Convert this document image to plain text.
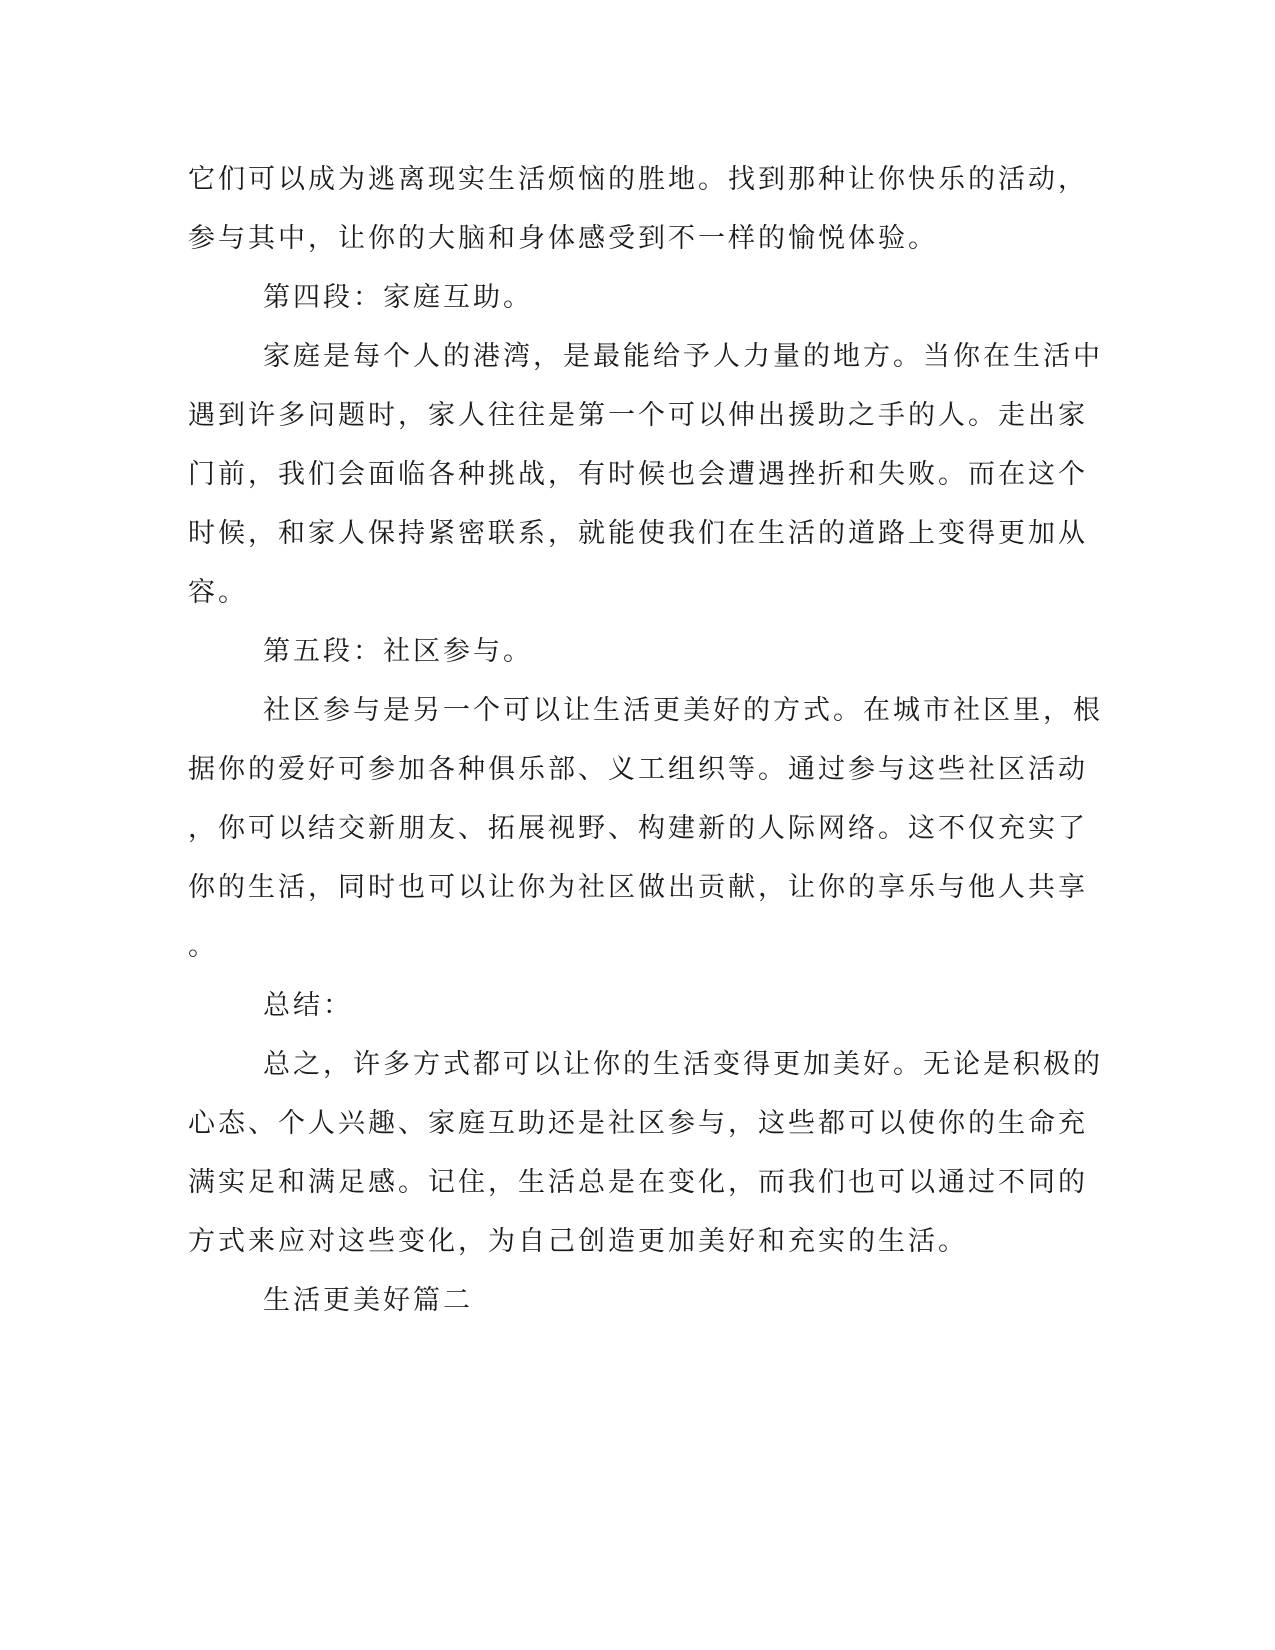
它们可以成为逃离现实生活烦恼的胜地。找到那种让你快乐的活动，
参与其中，让你的大脑和身体感受到不一样的愉悦体验。
第四段：家庭互助。
家庭是每个人的港湾，是最能给予人力量的地方。当你在生活中
遇到许多问题时，家人往往是第一个可以伸出援助之手的人。走出家
门前，我们会面临各种挑战，有时候也会遭遇挫折和失败。而在这个
时候，和家人保持紧密联系，就能使我们在生活的道路上变得更加从
容。
第五段：社区参与。
社区参与是另一个可以让生活更美好的方式。在城市社区里，根
据你的爱好可参加各种俱乐部、义工组织等。通过参与这些社区活动
，你可以结交新朋友、拓展视野、构建新的人际网络。这不仅充实了
你的生活，同时也可以让你为社区做出贡献，让你的享乐与他人共享
。
总结：
总之，许多方式都可以让你的生活变得更加美好。无论是积极的
心态、个人兴趣、家庭互助还是社区参与，这些都可以使你的生命充
满实足和满足感。记住，生活总是在变化，而我们也可以通过不同的
方式来应对这些变化，为自己创造更加美好和充实的生活。
生活更美好篇二
